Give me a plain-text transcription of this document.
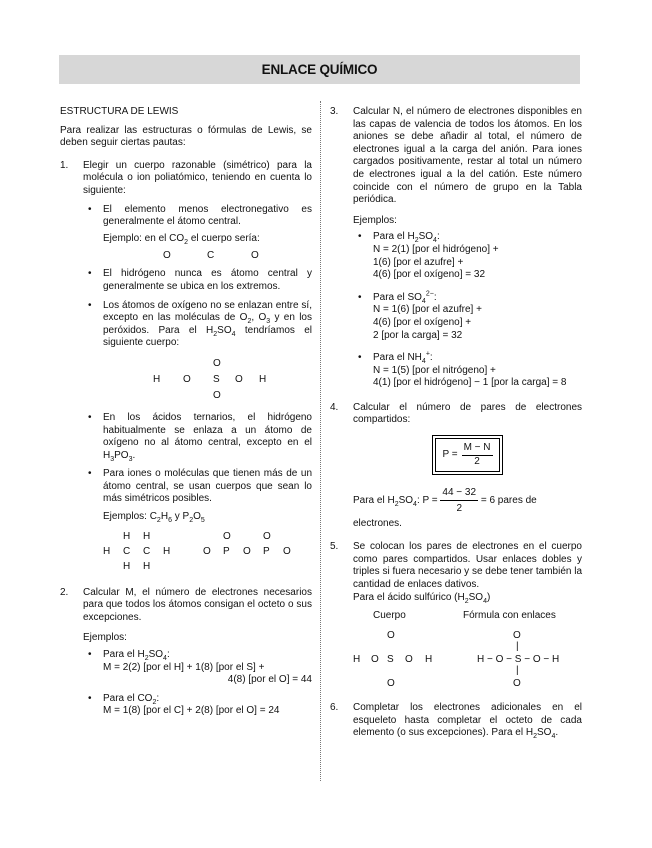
ENLACE QUÍMICO

ESTRUCTURA DE LEWIS

Para realizar las estructuras o fórmulas de Lewis, se deben seguir ciertas pautas:

1. Elegir un cuerpo razonable (simétrico) para la molécula o ion poliatómico, teniendo en cuenta lo siguiente:

• El elemento menos electronegativo es generalmente el átomo central.

Ejemplo: en el $CO_2$ el cuerpo sería:

O	C	O
• El hidrógeno nunca es átomo central y generalmente se ubica en los extremos.

• Los átomos de oxígeno no se enlazan entre sí, excepto en las moléculas de $O_2$, $O_3$ y en los peróxidos. Para el $H_2SO_4$ tendríamos el siguiente cuerpo:

O
H O S O H
O
• En los ácidos ternarios, el hidrógeno habitualmente se enlaza a un átomo de oxígeno no al átomo central, excepto en el $H_3PO_3$.

• Para iones o moléculas que tienen más de un átomo central, se usan cuerpos que sean lo más simétricos posibles.

Ejemplos: $C_2H_6$ y $P_2O_5$

H H	O	O
H C C H	O P O P O
H H
2. Calcular M, el número de electrones necesarios para que todos los átomos consigan el octeto o sus excepciones.

Ejemplos:

• Para el $H_2SO_4$:

M = 2(2) [por el H] + 1(8) [por el S] +

4(8) [por el O] = 44

• Para el $CO_2$:

M = 1(8) [por el C] + 2(8) [por el O] = 24

3. Calcular N, el número de electrones disponibles en las capas de valencia de todos los átomos. En los aniones se debe añadir al total, el número de electrones igual a la carga del anión. Para iones cargados positivamente, restar al total un número de electrones igual a la del catión. Este número coincide con el número de grupo en la Tabla periódica.

Ejemplos:

• Para el $H_2SO_4$:

N = 2(1) [por el hidrógeno] +

1(6) [por el azufre] +

4(6) [por el oxígeno] = 32

• Para el $SO_4^{2-}$:

N = 1(6) [por el azufre] +

4(6) [por el oxígeno] +

2 [por la carga] = 32

• Para el $NH_4^+$:

N = 1(5) [por el nitrógeno] +

4(1) [por el hidrógeno] − 1 [por la carga] = 8

4. Calcular el número de pares de electrones compartidos:

$P = \frac{M - N}{2}$

Para el $H_2SO_4$: $P = \frac{44 - 32}{2} = 6$ pares de electrones.

5. Se colocan los pares de electrones en el cuerpo como pares compartidos. Usar enlaces dobles y triples si fuera necesario y se debe tener también la cantidad de enlaces dativos.

Para el ácido sulfúrico $(H_2SO_4)$

Cuerpo	Fórmula con enlaces
O	O
|
H O S O H	H − O − S − O − H
|
O	O
6. Completar los electrones adicionales en el esqueleto hasta completar el octeto de cada elemento (o sus excepciones). Para el $H_2SO_4$.
